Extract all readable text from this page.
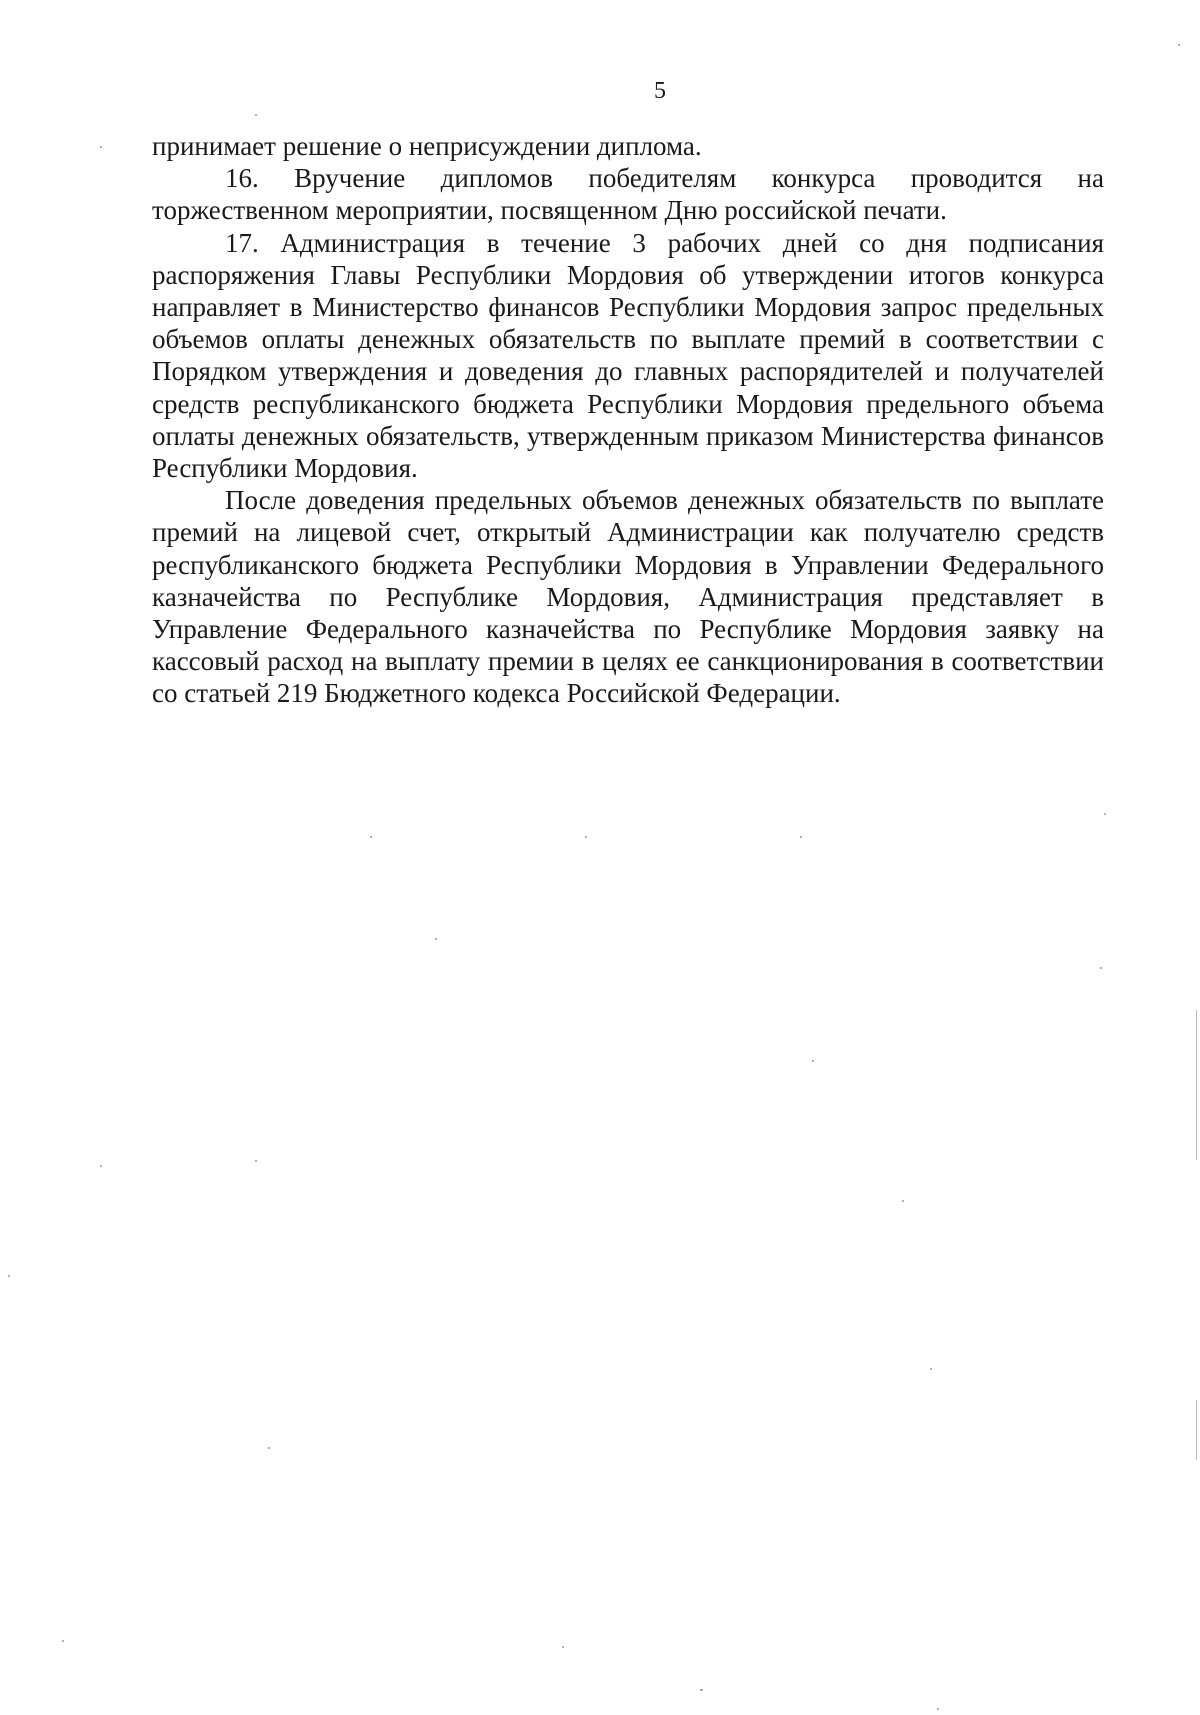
5

принимает решение о неприсуждении диплома.

16. Вручение дипломов победителям конкурса проводится на торжественном мероприятии, посвященном Дню российской печати.

17. Администрация в течение 3 рабочих дней со дня подписания распоряжения Главы Республики Мордовия об утверждении итогов конкурса направляет в Министерство финансов Республики Мордовия запрос предельных объемов оплаты денежных обязательств по выплате премий в соответствии с Порядком утверждения и доведения до главных распорядителей и получателей средств республиканского бюджета Республики Мордовия предельного объема оплаты денежных обязательств, утвержденным приказом Министерства финансов Республики Мордовия.

После доведения предельных объемов денежных обязательств по выплате премий на лицевой счет, открытый Администрации как получателю средств республиканского бюджета Республики Мордовия в Управлении Федерального казначейства по Республике Мордовия, Администрация представляет в Управление Федерального казначейства по Республике Мордовия заявку на кассовый расход на выплату премии в целях ее санкционирования в соответствии со статьей 219 Бюджетного кодекса Российской Федерации.
